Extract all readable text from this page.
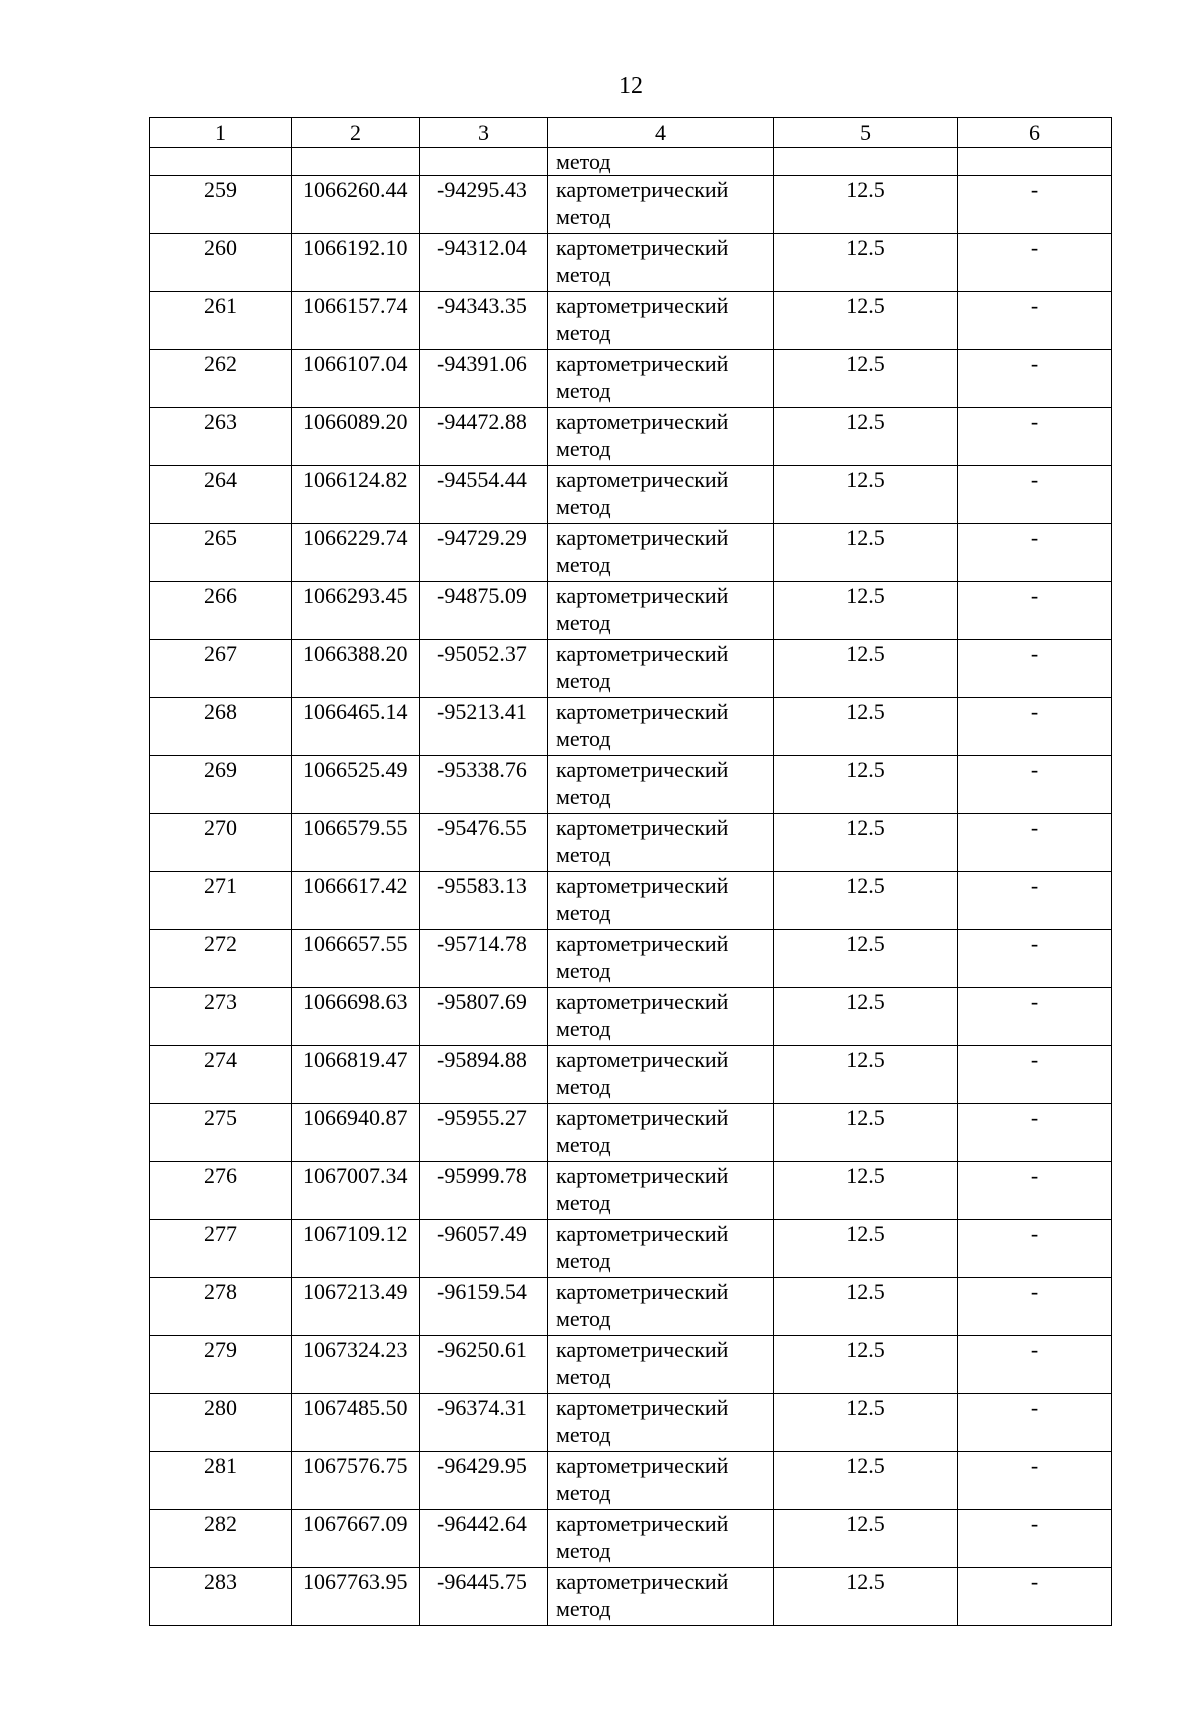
12
1	2	3	4	5	6
			метод		
259	1066260.44	-94295.43	картометрический
метод	12.5	-
260	1066192.10	-94312.04	картометрический
метод	12.5	-
261	1066157.74	-94343.35	картометрический
метод	12.5	-
262	1066107.04	-94391.06	картометрический
метод	12.5	-
263	1066089.20	-94472.88	картометрический
метод	12.5	-
264	1066124.82	-94554.44	картометрический
метод	12.5	-
265	1066229.74	-94729.29	картометрический
метод	12.5	-
266	1066293.45	-94875.09	картометрический
метод	12.5	-
267	1066388.20	-95052.37	картометрический
метод	12.5	-
268	1066465.14	-95213.41	картометрический
метод	12.5	-
269	1066525.49	-95338.76	картометрический
метод	12.5	-
270	1066579.55	-95476.55	картометрический
метод	12.5	-
271	1066617.42	-95583.13	картометрический
метод	12.5	-
272	1066657.55	-95714.78	картометрический
метод	12.5	-
273	1066698.63	-95807.69	картометрический
метод	12.5	-
274	1066819.47	-95894.88	картометрический
метод	12.5	-
275	1066940.87	-95955.27	картометрический
метод	12.5	-
276	1067007.34	-95999.78	картометрический
метод	12.5	-
277	1067109.12	-96057.49	картометрический
метод	12.5	-
278	1067213.49	-96159.54	картометрический
метод	12.5	-
279	1067324.23	-96250.61	картометрический
метод	12.5	-
280	1067485.50	-96374.31	картометрический
метод	12.5	-
281	1067576.75	-96429.95	картометрический
метод	12.5	-
282	1067667.09	-96442.64	картометрический
метод	12.5	-
283	1067763.95	-96445.75	картометрический
метод	12.5	-
